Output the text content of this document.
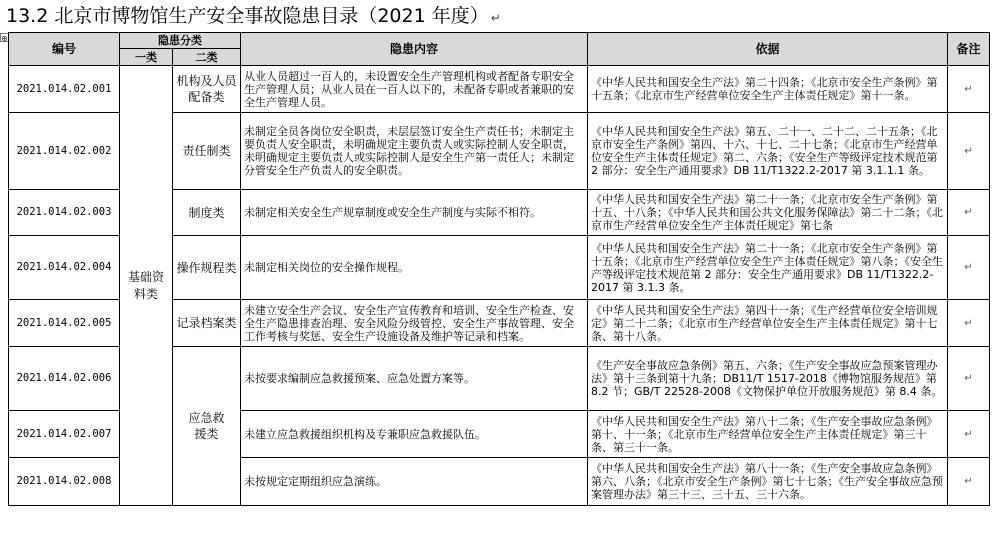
13.2 北京市博物馆生产安全事故隐患目录（2021 年度） ↵
⊕
编号	隐患分类		隐患内容	依据	备注
	一类	二类			
2021.014.02.001	基础资料类	机构及人员配备类	从业人员超过一百人的，未设置安全生产管理机构或者配备专职安全生产管理人员；从业人员在一百人以下的，未配备专职或者兼职的安全生产管理人员。	《中华人民共和国安全生产法》第二十四条；《北京市安全生产条例》第十五条；《北京市生产经营单位安全生产主体责任规定》第十一条。	↵
2021.014.02.002		责任制类	未制定全员各岗位安全职责，未层层签订安全生产责任书；未制定主要负责人安全职责，未明确规定主要负责人或实际控制人安全职责，未明确规定主要负责人或实际控制人是安全生产第一责任人；未制定分管安全生产负责人的安全职责。	《中华人民共和国安全生产法》第五、二十一、二十二、二十五条；《北京市安全生产条例》第四、十六、十七、二十七条；《北京市生产经营单位安全生产主体责任规定》第二、六条；《安全生产等级评定技术规范第 2 部分：安全生产通用要求》DB 11/T1322.2-2017 第 3.1.1.1 条。	↵
2021.014.02.003		制度类	未制定相关安全生产规章制度或安全生产制度与实际不相符。	《中华人民共和国安全生产法》第二十一条；《北京市安全生产条例》第十五、十八条；《中华人民共和国公共文化服务保障法》第二十二条；《北京市生产经营单位安全生产主体责任规定》第七条	↵
2021.014.02.004		操作规程类	未制定相关岗位的安全操作规程。	《中华人民共和国安全生产法》第二十一条；《北京市安全生产条例》第十五条；《北京市生产经营单位安全生产主体责任规定》第八条；《安全生产等级评定技术规范第 2 部分：安全生产通用要求》DB 11/T1322.2-2017 第 3.1.3 条。	↵
2021.014.02.005		记录档案类	未建立安全生产会议、安全生产宣传教育和培训、安全生产检查、安全生产隐患排查治理、安全风险分级管控、安全生产事故管理、安全工作考核与奖惩、安全生产设施设备及维护等记录和档案。	《中华人民共和国安全生产法》第四十一条；《生产经营单位安全培训规定》第二十二条；《北京市生产经营单位安全生产主体责任规定》第十七条、第十八条。	↵
2021.014.02.006		应急救援类	未按要求编制应急救援预案、应急处置方案等。	《生产安全事故应急条例》第五、六条；《生产安全事故应急预案管理办法》第十三条到第十九条；DB11/T 1517-2018《博物馆服务规范》第 8.2 节；GB/T 22528-2008《文物保护单位开放服务规范》第 8.4 条。	↵
2021.014.02.007			未建立应急救援组织机构及专兼职应急救援队伍。	《中华人民共和国安全生产法》第八十二条；《生产安全事故应急条例》第十、十一条；《北京市生产经营单位安全生产主体责任规定》第三十条、第三十一条。	↵
2021.014.02.008			未按规定定期组织应急演练。	《中华人民共和国安全生产法》第八十一条；《生产安全事故应急条例》第六、八条；《北京市安全生产条例》第七十七条；《生产安全事故应急预案管理办法》第三十三、三十五、三十六条。	↵
